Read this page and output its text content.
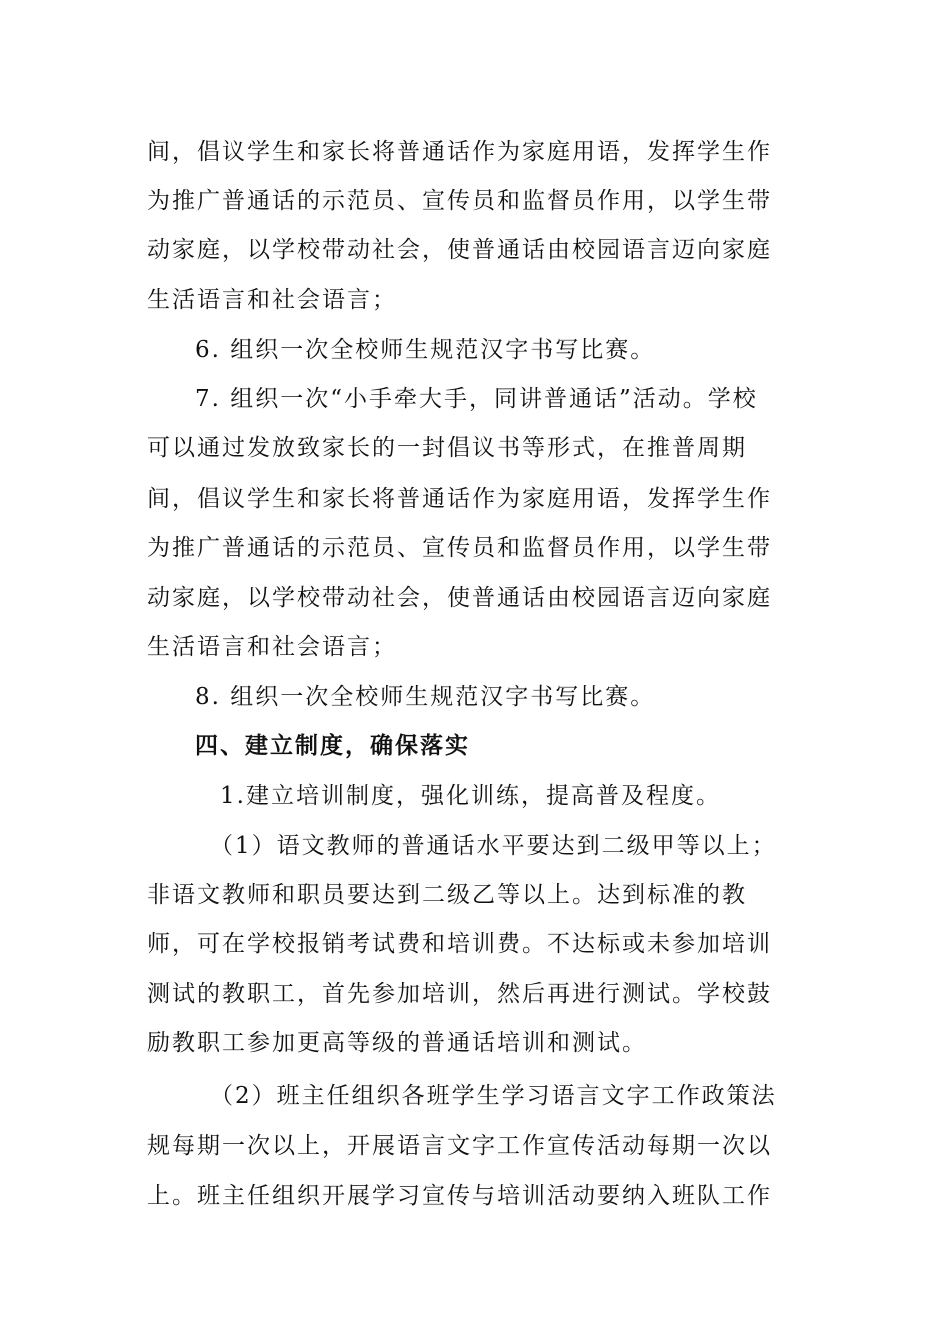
间，倡议学生和家长将普通话作为家庭用语，发挥学生作
为推广普通话的示范员、宣传员和监督员作用，以学生带
动家庭，以学校带动社会，使普通话由校园语言迈向家庭
生活语言和社会语言；
6. 组织一次全校师生规范汉字书写比赛。
7. 组织一次“小手牵大手，同讲普通话”活动。学校
可以通过发放致家长的一封倡议书等形式，在推普周期
间，倡议学生和家长将普通话作为家庭用语，发挥学生作
为推广普通话的示范员、宣传员和监督员作用，以学生带
动家庭，以学校带动社会，使普通话由校园语言迈向家庭
生活语言和社会语言；
8. 组织一次全校师生规范汉字书写比赛。
四、建立制度，确保落实
1.建立培训制度，强化训练，提高普及程度。
（1）语文教师的普通话水平要达到二级甲等以上；
非语文教师和职员要达到二级乙等以上。达到标准的教
师，可在学校报销考试费和培训费。不达标或未参加培训
测试的教职工，首先参加培训，然后再进行测试。学校鼓
励教职工参加更高等级的普通话培训和测试。
（2）班主任组织各班学生学习语言文字工作政策法
规每期一次以上，开展语言文字工作宣传活动每期一次以
上。班主任组织开展学习宣传与培训活动要纳入班队工作
